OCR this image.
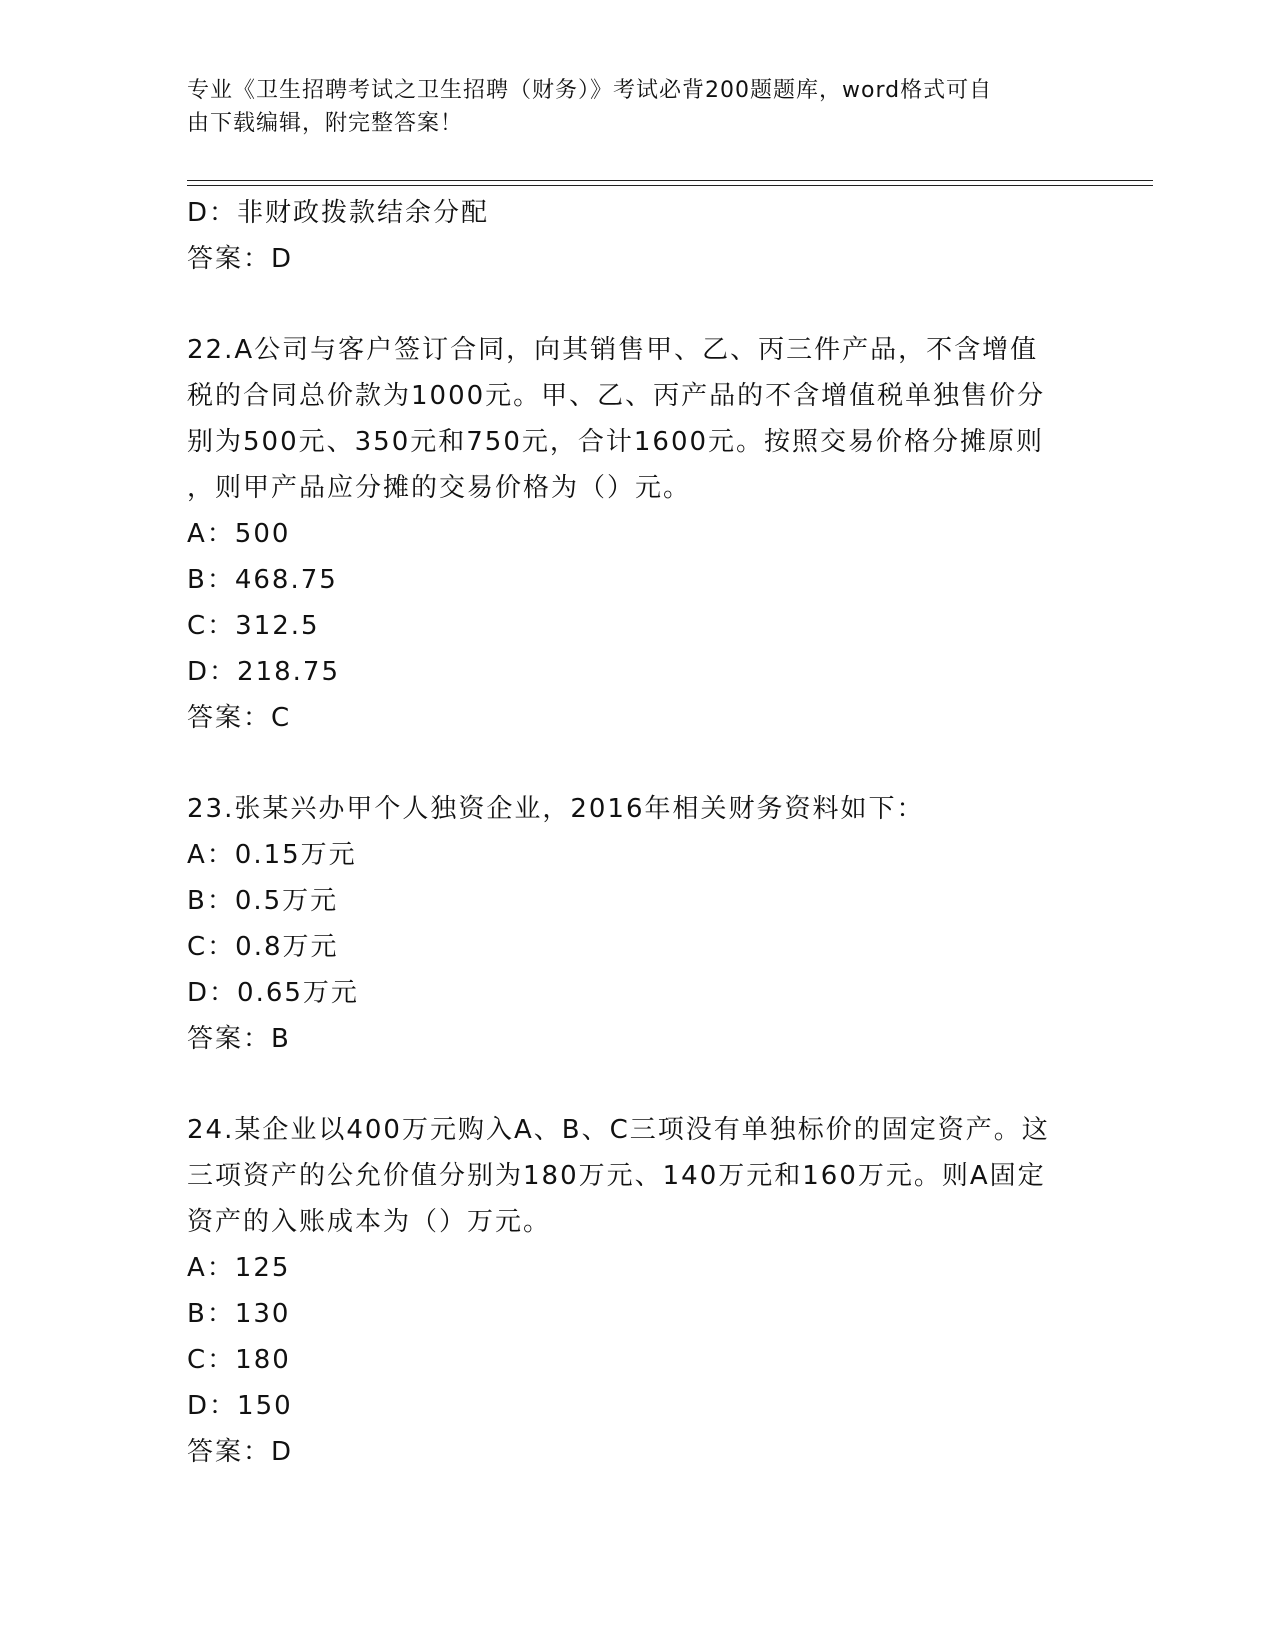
专业《卫生招聘考试之卫生招聘（财务）》考试必背200题题库，word格式可自
由下载编辑，附完整答案！
D：非财政拨款结余分配
答案：D
22.A公司与客户签订合同，向其销售甲、乙、丙三件产品，不含增值
税的合同总价款为1000元。甲、乙、丙产品的不含增值税单独售价分
别为500元、350元和750元，合计1600元。按照交易价格分摊原则
，则甲产品应分摊的交易价格为（）元。
A：500
B：468.75
C：312.5
D：218.75
答案：C
23.张某兴办甲个人独资企业，2016年相关财务资料如下：
A：0.15万元
B：0.5万元
C：0.8万元
D：0.65万元
答案：B
24.某企业以400万元购入A、B、C三项没有单独标价的固定资产。这
三项资产的公允价值分别为180万元、140万元和160万元。则A固定
资产的入账成本为（）万元。
A：125
B：130
C：180
D：150
答案：D
